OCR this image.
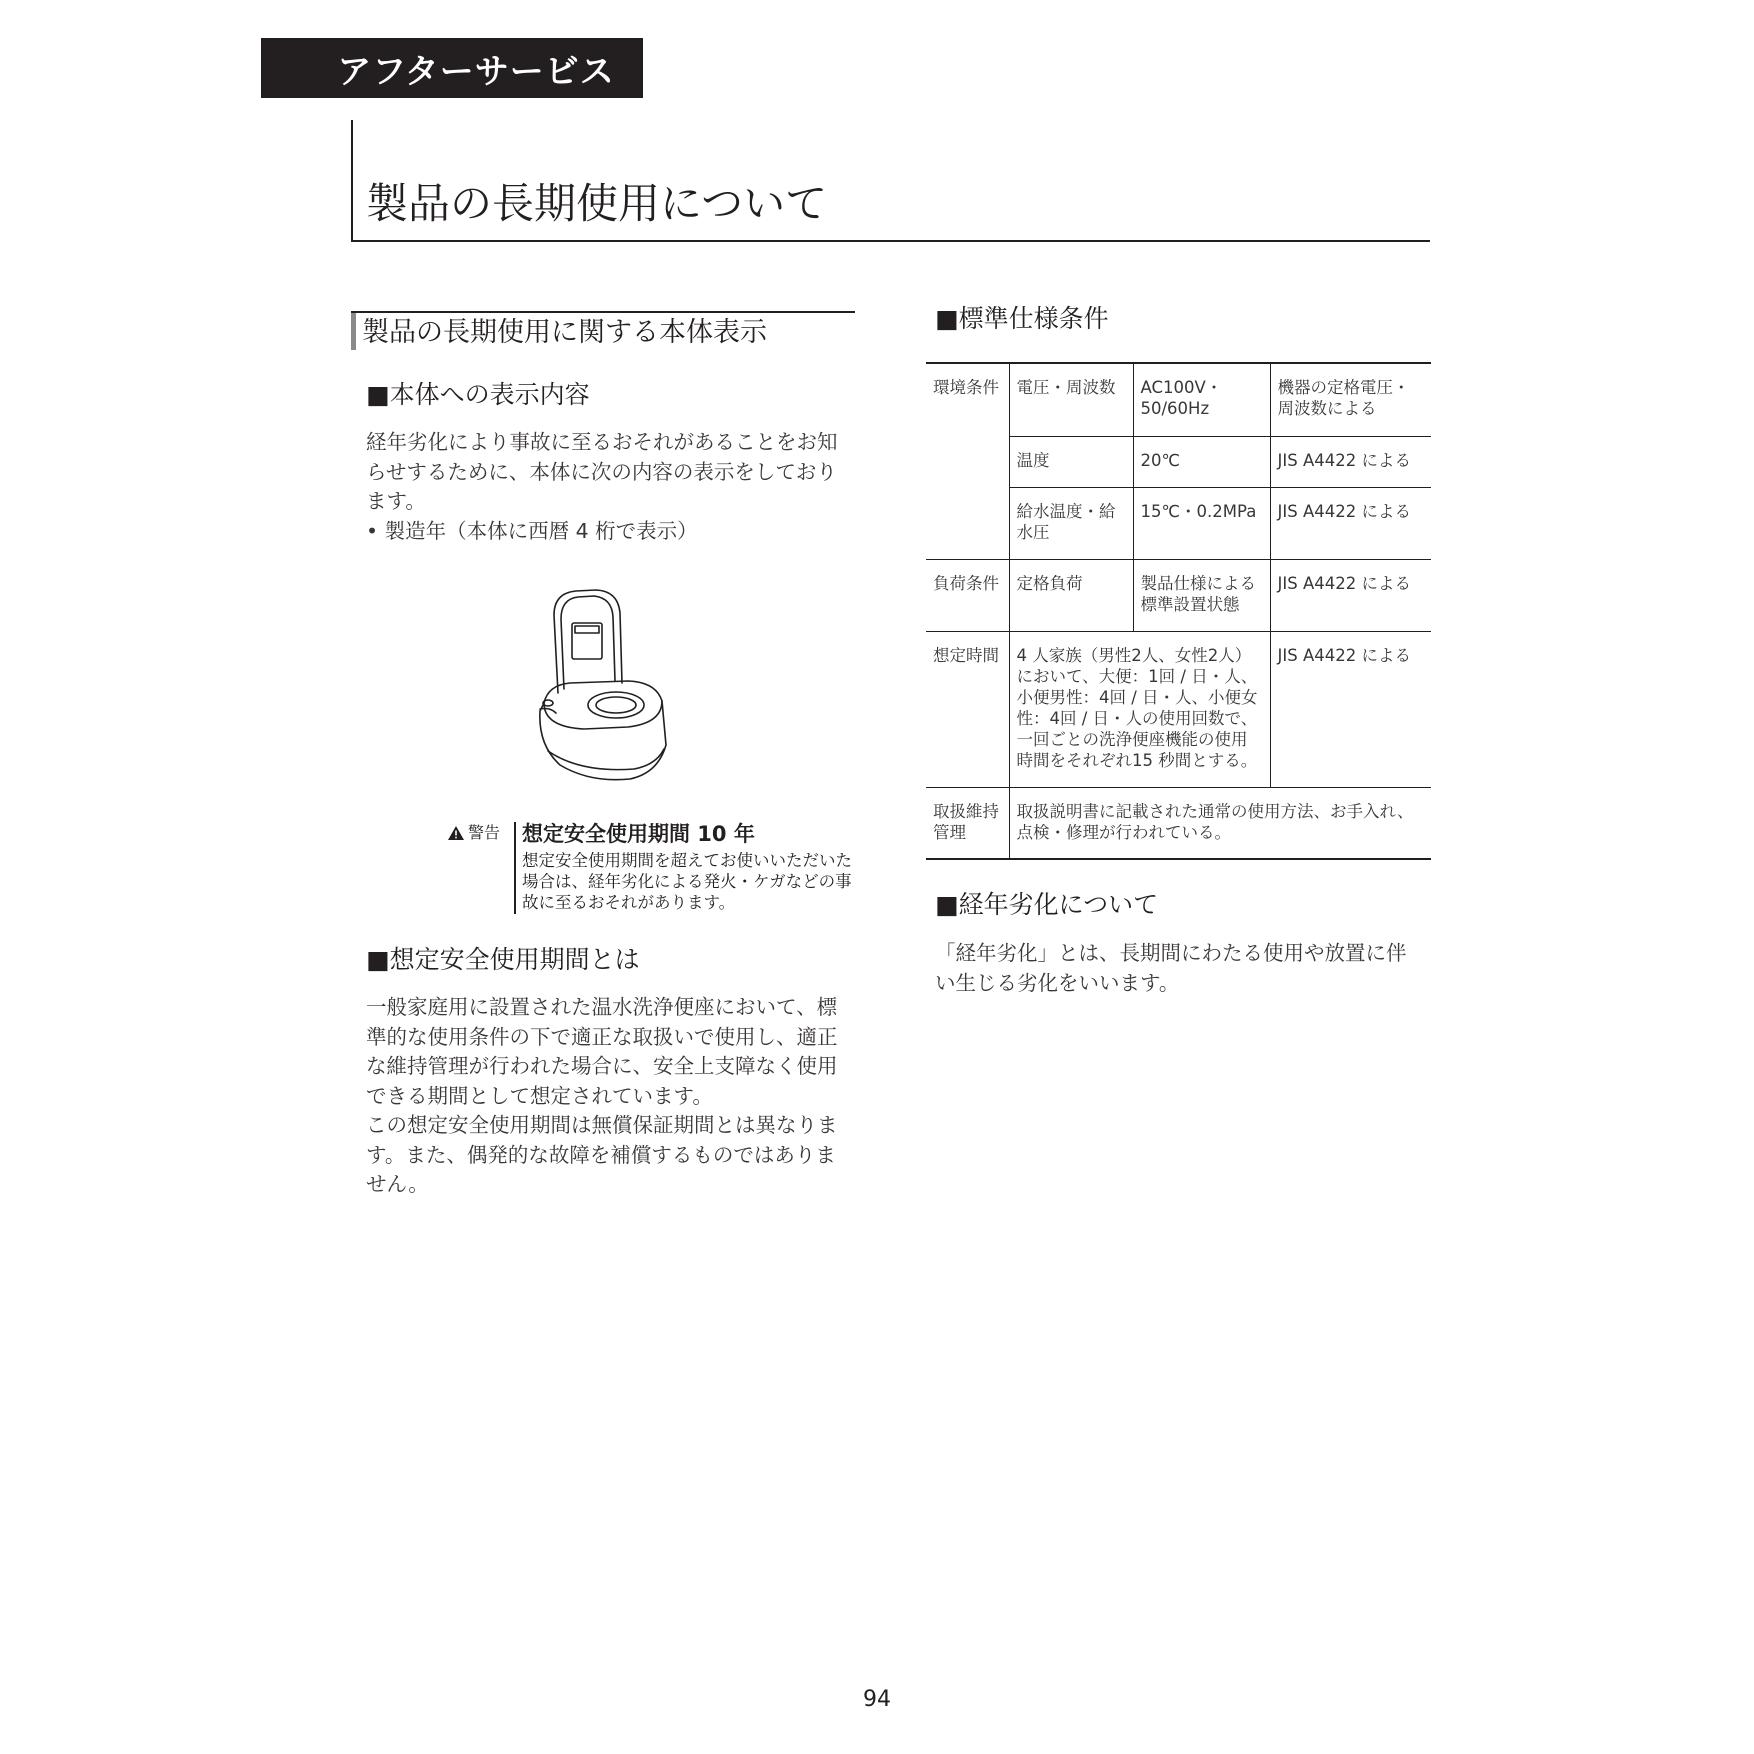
アフターサービス
製品の長期使用について
製品の長期使用に関する本体表示
■本体への表示内容

経年劣化により事故に至るおそれがあることをお知らせするために、本体に次の内容の表示をしております。

• 製造年（本体に西暦 4 桁で表示）

警告 想定安全使用期間 10 年
想定安全使用期間を超えてお使いいただいた場合は、経年劣化による発火・ケガなどの事故に至るおそれがあります。
■想定安全使用期間とは

一般家庭用に設置された温水洗浄便座において、標準的な使用条件の下で適正な取扱いで使用し、適正な維持管理が行われた場合に、安全上支障なく使用できる期間として想定されています。

この想定安全使用期間は無償保証期間とは異なります。また、偶発的な故障を補償するものではありません。

■標準仕様条件
環境条件	電圧・周波数	AC100V・50/60Hz	機器の定格電圧・周波数による
	温度	20℃	JIS A4422 による
	給水温度・給水圧	15℃・0.2MPa	JIS A4422 による
負荷条件	定格負荷	製品仕様による標準設置状態	JIS A4422 による
想定時間	4 人家族（男性2人、女性2人）において、大便：1回 / 日・人、小便男性：4回 / 日・人、小便女性：4回 / 日・人の使用回数で、一回ごとの洗浄便座機能の使用時間をそれぞれ15 秒間とする。		JIS A4422 による
取扱維持管理	取扱説明書に記載された通常の使用方法、お手入れ、点検・修理が行われている。		
■経年劣化について
「経年劣化」とは、長期間にわたる使用や放置に伴い生じる劣化をいいます。
94
